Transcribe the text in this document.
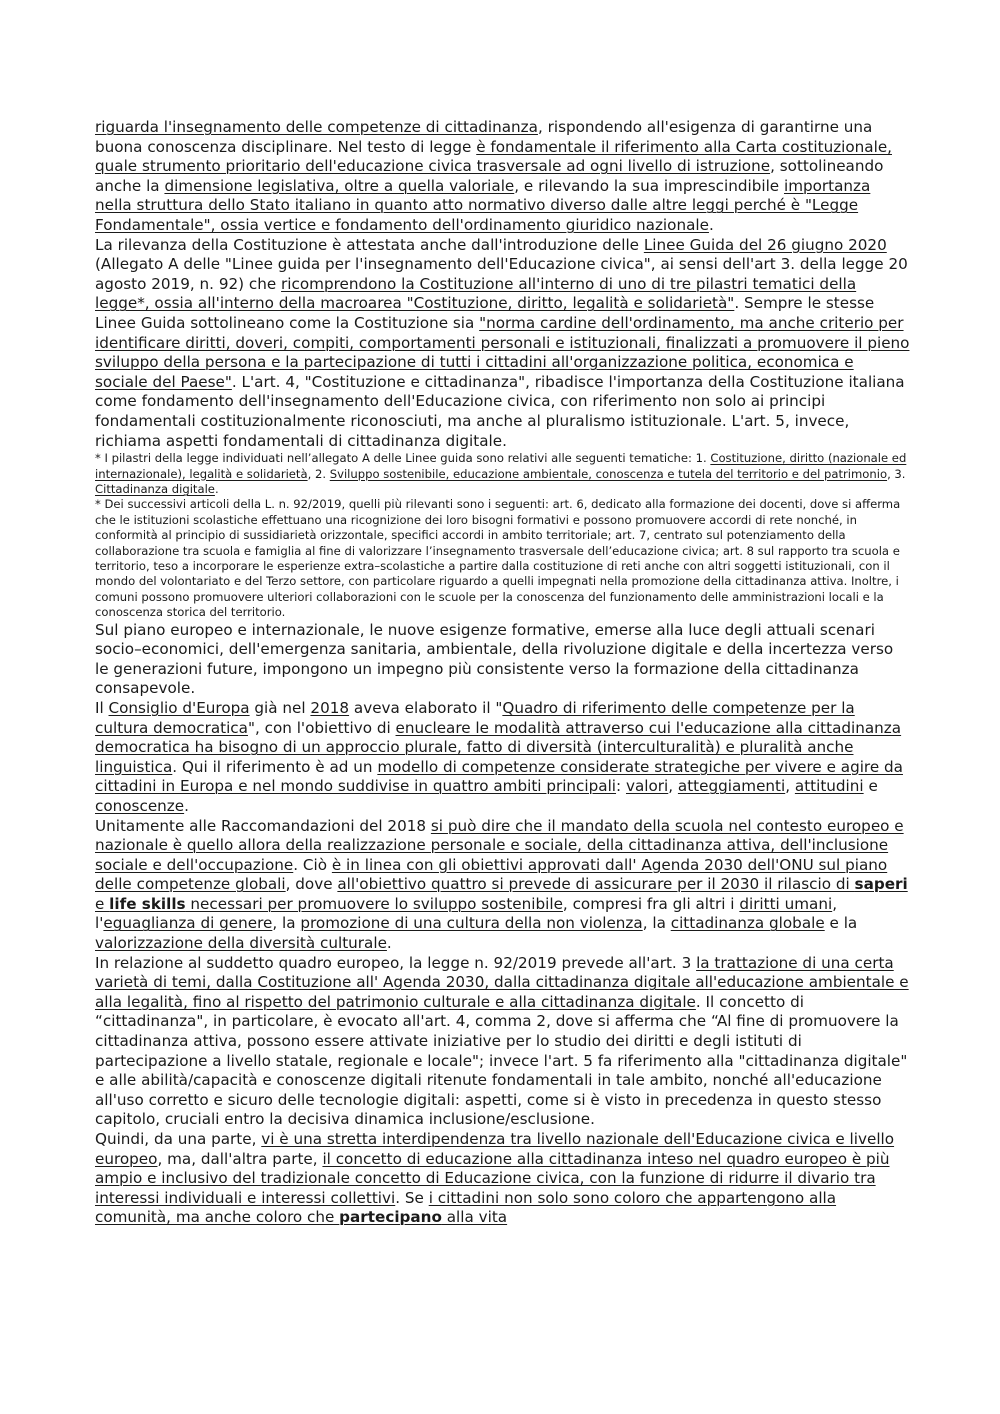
riguarda l'insegnamento delle competenze di cittadinanza, rispondendo all'esigenza di garantirne una buona conoscenza disciplinare. Nel testo di legge è fondamentale il riferimento alla Carta costituzionale, quale strumento prioritario dell'educazione civica trasversale ad ogni livello di istruzione, sottolineando anche la dimensione legislativa, oltre a quella valoriale, e rilevando la sua imprescindibile importanza nella struttura dello Stato italiano in quanto atto normativo diverso dalle altre leggi perché è "Legge Fondamentale", ossia vertice e fondamento dell'ordinamento giuridico nazionale.

La rilevanza della Costituzione è attestata anche dall'introduzione delle Linee Guida del 26 giugno 2020 (Allegato A delle "Linee guida per l'insegnamento dell'Educazione civica", ai sensi dell'art 3. della legge 20 agosto 2019, n. 92) che ricomprendono la Costituzione all'interno di uno di tre pilastri tematici della legge*, ossia all'interno della macroarea "Costituzione, diritto, legalità e solidarietà". Sempre le stesse Linee Guida sottolineano come la Costituzione sia "norma cardine dell'ordinamento, ma anche criterio per identificare diritti, doveri, compiti, comportamenti personali e istituzionali, finalizzati a promuovere il pieno sviluppo della persona e la partecipazione di tutti i cittadini all'organizzazione politica, economica e sociale del Paese". L'art. 4, "Costituzione e cittadinanza", ribadisce l'importanza della Costituzione italiana come fondamento dell'insegnamento dell'Educazione civica, con riferimento non solo ai principi fondamentali costituzionalmente riconosciuti, ma anche al pluralismo istituzionale. L'art. 5, invece, richiama aspetti fondamentali di cittadinanza digitale.

* I pilastri della legge individuati nell’allegato A delle Linee guida sono relativi alle seguenti tematiche: 1. Costituzione, diritto (nazionale ed internazionale), legalità e solidarietà, 2. Sviluppo sostenibile, educazione ambientale, conoscenza e tutela del territorio e del patrimonio, 3. Cittadinanza digitale.

* Dei successivi articoli della L. n. 92/2019, quelli più rilevanti sono i seguenti: art. 6, dedicato alla formazione dei docenti, dove si afferma che le istituzioni scolastiche effettuano una ricognizione dei loro bisogni formativi e possono promuovere accordi di rete nonché, in conformità al principio di sussidiarietà orizzontale, specifici accordi in ambito territoriale; art. 7, centrato sul potenziamento della collaborazione tra scuola e famiglia al fine di valorizzare l’insegnamento trasversale dell’educazione civica; art. 8 sul rapporto tra scuola e territorio, teso a incorporare le esperienze extra–scolastiche a partire dalla costituzione di reti anche con altri soggetti istituzionali, con il mondo del volontariato e del Terzo settore, con particolare riguardo a quelli impegnati nella promozione della cittadinanza attiva. Inoltre, i comuni possono promuovere ulteriori collaborazioni con le scuole per la conoscenza del funzionamento delle amministrazioni locali e la conoscenza storica del territorio.

Sul piano europeo e internazionale, le nuove esigenze formative, emerse alla luce degli attuali scenari socio–economici, dell'emergenza sanitaria, ambientale, della rivoluzione digitale e della incertezza verso le generazioni future, impongono un impegno più consistente verso la formazione della cittadinanza consapevole.

Il Consiglio d'Europa già nel 2018 aveva elaborato il "Quadro di riferimento delle competenze per la cultura democratica", con l'obiettivo di enucleare le modalità attraverso cui l'educazione alla cittadinanza democratica ha bisogno di un approccio plurale, fatto di diversità (interculturalità) e pluralità anche linguistica. Qui il riferimento è ad un modello di competenze considerate strategiche per vivere e agire da cittadini in Europa e nel mondo suddivise in quattro ambiti principali: valori, atteggiamenti, attitudini e conoscenze.

Unitamente alle Raccomandazioni del 2018 si può dire che il mandato della scuola nel contesto europeo e nazionale è quello allora della realizzazione personale e sociale, della cittadinanza attiva, dell'inclusione sociale e dell'occupazione. Ciò è in linea con gli obiettivi approvati dall' Agenda 2030 dell'ONU sul piano delle competenze globali, dove all'obiettivo quattro si prevede di assicurare per il 2030 il rilascio di saperi e life skills necessari per promuovere lo sviluppo sostenibile, compresi fra gli altri i diritti umani, l'eguaglianza di genere, la promozione di una cultura della non violenza, la cittadinanza globale e la valorizzazione della diversità culturale.

In relazione al suddetto quadro europeo, la legge n. 92/2019 prevede all'art. 3 la trattazione di una certa varietà di temi, dalla Costituzione all' Agenda 2030, dalla cittadinanza digitale all'educazione ambientale e alla legalità, fino al rispetto del patrimonio culturale e alla cittadinanza digitale. Il concetto di “cittadinanza", in particolare, è evocato all'art. 4, comma 2, dove si afferma che “Al fine di promuovere la cittadinanza attiva, possono essere attivate iniziative per lo studio dei diritti e degli istituti di partecipazione a livello statale, regionale e locale"; invece l'art. 5 fa riferimento alla "cittadinanza digitale" e alle abilità/capacità e conoscenze digitali ritenute fondamentali in tale ambito, nonché all'educazione all'uso corretto e sicuro delle tecnologie digitali: aspetti, come si è visto in precedenza in questo stesso capitolo, cruciali entro la decisiva dinamica inclusione/esclusione.

Quindi, da una parte, vi è una stretta interdipendenza tra livello nazionale dell'Educazione civica e livello europeo, ma, dall'altra parte, il concetto di educazione alla cittadinanza inteso nel quadro europeo è più ampio e inclusivo del tradizionale concetto di Educazione civica, con la funzione di ridurre il divario tra interessi individuali e interessi collettivi. Se i cittadini non solo sono coloro che appartengono alla comunità, ma anche coloro che partecipano alla vita
